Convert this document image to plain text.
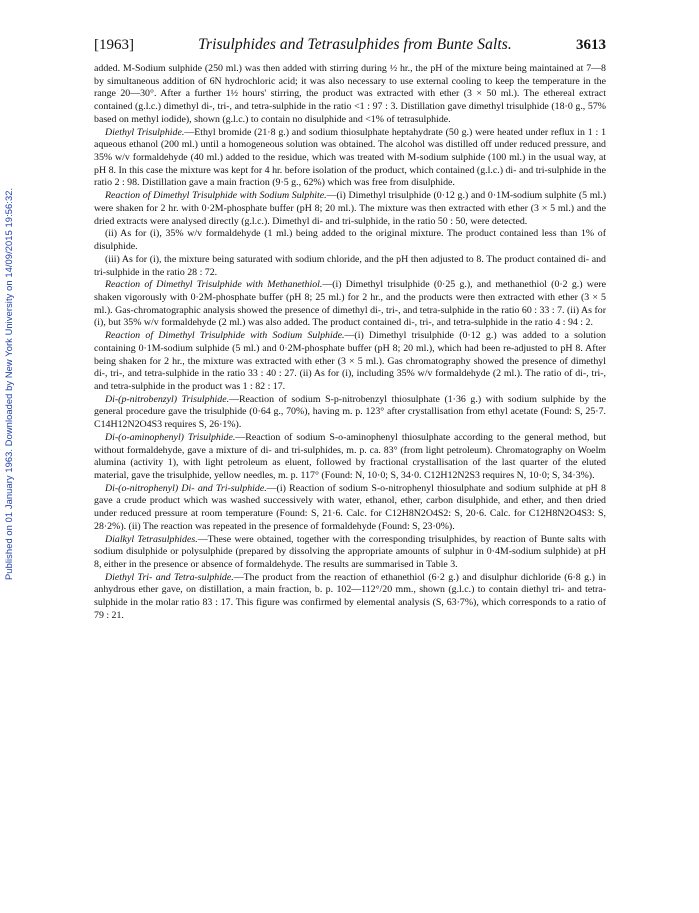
Published on 01 January 1963. Downloaded by New York University on 14/09/2015 19:56:32.
[1963]	Trisulphides and Tetrasulphides from Bunte Salts.	3613

added. M-Sodium sulphide (250 ml.) was then added with stirring during ½ hr., the pH of the mixture being maintained at 7—8 by simultaneous addition of 6N hydrochloric acid; it was also necessary to use external cooling to keep the temperature in the range 20—30°. After a further 1½ hours' stirring, the product was extracted with ether (3 × 50 ml.). The ethereal extract contained (g.l.c.) dimethyl di-, tri-, and tetra-sulphide in the ratio <1 : 97 : 3. Distillation gave dimethyl trisulphide (18·0 g., 57% based on methyl iodide), shown (g.l.c.) to contain no disulphide and <1% of tetrasulphide.

Diethyl Trisulphide.—Ethyl bromide (21·8 g.) and sodium thiosulphate heptahydrate (50 g.) were heated under reflux in 1 : 1 aqueous ethanol (200 ml.) until a homogeneous solution was obtained. The alcohol was distilled off under reduced pressure, and 35% w/v formaldehyde (40 ml.) added to the residue, which was treated with M-sodium sulphide (100 ml.) in the usual way, at pH 8. In this case the mixture was kept for 4 hr. before isolation of the product, which contained (g.l.c.) di- and tri-sulphide in the ratio 2 : 98. Distillation gave a main fraction (9·5 g., 62%) which was free from disulphide.

Reaction of Dimethyl Trisulphide with Sodium Sulphite.—(i) Dimethyl trisulphide (0·12 g.) and 0·1M-sodium sulphite (5 ml.) were shaken for 2 hr. with 0·2M-phosphate buffer (pH 8; 20 ml.). The mixture was then extracted with ether (3 × 5 ml.) and the dried extracts were analysed directly (g.l.c.). Dimethyl di- and tri-sulphide, in the ratio 50 : 50, were detected.

(ii) As for (i), 35% w/v formaldehyde (1 ml.) being added to the original mixture. The product contained less than 1% of disulphide.

(iii) As for (i), the mixture being saturated with sodium chloride, and the pH then adjusted to 8. The product contained di- and tri-sulphide in the ratio 28 : 72.

Reaction of Dimethyl Trisulphide with Methanethiol.—(i) Dimethyl trisulphide (0·25 g.), and methanethiol (0·2 g.) were shaken vigorously with 0·2M-phosphate buffer (pH 8; 25 ml.) for 2 hr., and the products were then extracted with ether (3 × 5 ml.). Gas-chromatographic analysis showed the presence of dimethyl di-, tri-, and tetra-sulphide in the ratio 60 : 33 : 7. (ii) As for (i), but 35% w/v formaldehyde (2 ml.) was also added. The product contained di-, tri-, and tetra-sulphide in the ratio 4 : 94 : 2.

Reaction of Dimethyl Trisulphide with Sodium Sulphide.—(i) Dimethyl trisulphide (0·12 g.) was added to a solution containing 0·1M-sodium sulphide (5 ml.) and 0·2M-phosphate buffer (pH 8; 20 ml.), which had been re-adjusted to pH 8. After being shaken for 2 hr., the mixture was extracted with ether (3 × 5 ml.). Gas chromatography showed the presence of dimethyl di-, tri-, and tetra-sulphide in the ratio 33 : 40 : 27. (ii) As for (i), including 35% w/v formaldehyde (2 ml.). The ratio of di-, tri-, and tetra-sulphide in the product was 1 : 82 : 17.

Di-(p-nitrobenzyl) Trisulphide.—Reaction of sodium S-p-nitrobenzyl thiosulphate (1·36 g.) with sodium sulphide by the general procedure gave the trisulphide (0·64 g., 70%), having m. p. 123° after crystallisation from ethyl acetate (Found: S, 25·7. C14H12N2O4S3 requires S, 26·1%).

Di-(o-aminophenyl) Trisulphide.—Reaction of sodium S-o-aminophenyl thiosulphate according to the general method, but without formaldehyde, gave a mixture of di- and tri-sulphides, m. p. ca. 83° (from light petroleum). Chromatography on Woelm alumina (activity 1), with light petroleum as eluent, followed by fractional crystallisation of the last quarter of the eluted material, gave the trisulphide, yellow needles, m. p. 117° (Found: N, 10·0; S, 34·0. C12H12N2S3 requires N, 10·0; S, 34·3%).

Di-(o-nitrophenyl) Di- and Tri-sulphide.—(i) Reaction of sodium S-o-nitrophenyl thiosulphate and sodium sulphide at pH 8 gave a crude product which was washed successively with water, ethanol, ether, carbon disulphide, and ether, and then dried under reduced pressure at room temperature (Found: S, 21·6. Calc. for C12H8N2O4S2: S, 20·6. Calc. for C12H8N2O4S3: S, 28·2%). (ii) The reaction was repeated in the presence of formaldehyde (Found: S, 23·0%).

Dialkyl Tetrasulphides.—These were obtained, together with the corresponding trisulphides, by reaction of Bunte salts with sodium disulphide or polysulphide (prepared by dissolving the appropriate amounts of sulphur in 0·4M-sodium sulphide) at pH 8, either in the presence or absence of formaldehyde. The results are summarised in Table 3.

Diethyl Tri- and Tetra-sulphide.—The product from the reaction of ethanethiol (6·2 g.) and disulphur dichloride (6·8 g.) in anhydrous ether gave, on distillation, a main fraction, b. p. 102—112°/20 mm., shown (g.l.c.) to contain diethyl tri- and tetra-sulphide in the molar ratio 83 : 17. This figure was confirmed by elemental analysis (S, 63·7%), which corresponds to a ratio of 79 : 21.
